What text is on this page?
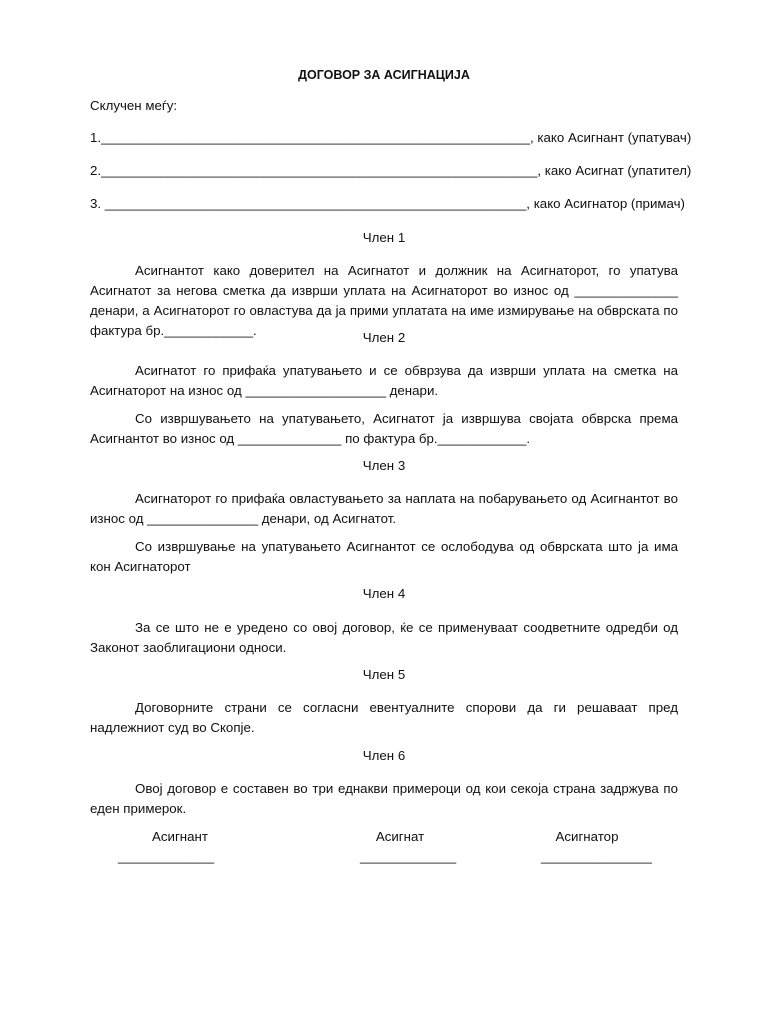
ДОГОВОР ЗА АСИГНАЦИЈА
Склучен меѓу:
1.__________________________________________________________, како Асигнант (упатувач)
2.___________________________________________________________, како Асигнат (упатител)
3. _________________________________________________________, како Асигнатор (примач)
Член 1
Асигнантот како доверител на Асигнатот и должник на Асигнаторот, го упатува Асигнатот за негова сметка да изврши уплата на Асигнаторот во износ од ______________ денари, а Асигнаторот го овластува да ја прими уплатата на име измирување на обврската по фактура бр.____________.	Член 2
Асигнатот го прифаќа упатувањето и се обврзува да изврши уплата на сметка на Асигнаторот на износ од ___________________ денари.
Со извршувањето на упатувањето, Асигнатот ја извршува својата обврска према Асигнантот во износ од ______________ по фактура бр.____________.
Член 3
Асигнаторот го прифаќа овластувањето за наплата на побарувањето од Асигнантот во износ од _______________ денари, од Асигнатот.
Со извршување на упатувањето Асигнантот се ослободува од обврската што ја има кон Асигнаторот
Член 4
За се што не е уредено со овој договор, ќе се применуваат соодветните одредби од Законот заоблигациони односи.
Член 5
Договорните страни се согласни евентуалните спорови да ги решаваат пред надлежниот суд во Скопје.
Член 6
Овој договор е составен во три еднакви примероци од кои секоја страна задржува по еден примерок.
Асигнант
_____________
Асигнат
_____________
Асигнатор
_______________
